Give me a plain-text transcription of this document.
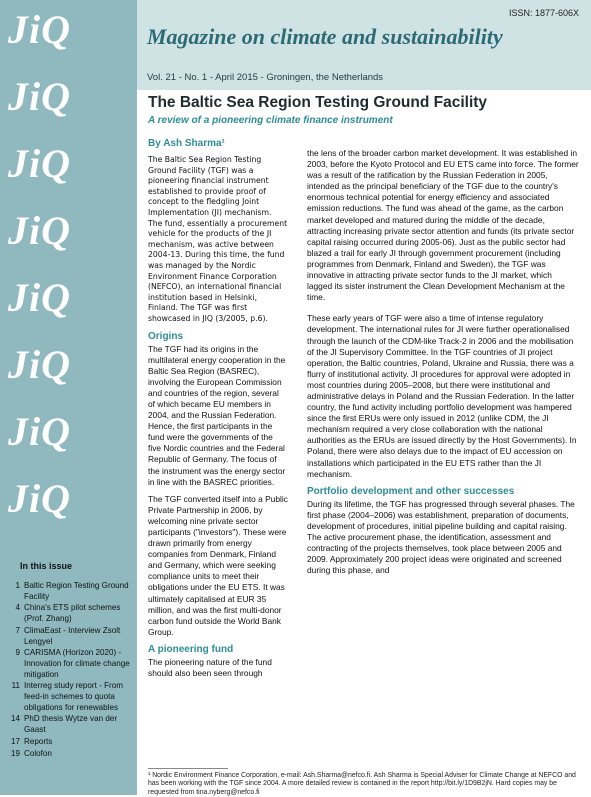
JiQ
JiQ
JiQ
JiQ
JiQ
JiQ
JiQ
JiQ
In this issue
1 Baltic Region Testing Ground Facility
4 China's ETS pilot schemes (Prof. Zhang)
7 ClimaEast - Interview Zsolt Lengyel
9 CARISMA (Horizon 2020) - Innovation for climate change mitigation
11 Interreg study report - From feed-in schemes to quota obligations for renewables
14 PhD thesis Wytze van der Gaast
17 Reports
19 Colofon
ISSN: 1877-606X
Magazine on climate and sustainability
Vol. 21 - No. 1 - April 2015 - Groningen, the Netherlands
The Baltic Sea Region Testing Ground Facility
A review of a pioneering climate finance instrument
By Ash Sharma¹

The Baltic Sea Region Testing Ground Facility (TGF) was a pioneering financial instrument established to provide proof of concept to the fledgling Joint Implementation (JI) mechanism. The fund, essentially a procurement vehicle for the products of the JI mechanism, was active between 2004-13. During this time, the fund was managed by the Nordic Environment Finance Corporation (NEFCO), an international financial institution based in Helsinki, Finland. The TGF was first showcased in JIQ (3/2005, p.6).

Origins

The TGF had its origins in the multilateral energy cooperation in the Baltic Sea Region (BASREC), involving the European Commission and countries of the region, several of which became EU members in 2004, and the Russian Federation. Hence, the first participants in the fund were the governments of the five Nordic countries and the Federal Republic of Germany. The focus of the instrument was the energy sector in line with the BASREC priorities.

The TGF converted itself into a Public Private Partnership in 2006, by welcoming nine private sector participants ("investors"). These were drawn primarily from energy companies from Denmark, Finland and Germany, which were seeking compliance units to meet their obligations under the EU ETS. It was ultimately capitalised at EUR 35 million, and was the first multi-donor carbon fund outside the World Bank Group.

A pioneering fund

The pioneering nature of the fund should also been seen through

the lens of the broader carbon market development. It was established in 2003, before the Kyoto Protocol and EU ETS came into force. The former was a result of the ratification by the Russian Federation in 2005, intended as the principal beneficiary of the TGF due to the country's enormous technical potential for energy efficiency and associated emission reductions. The fund was ahead of the game, as the carbon market developed and matured during the middle of the decade, attracting increasing private sector attention and funds (its private sector capital raising occurred during 2005-06). Just as the public sector had blazed a trail for early JI through government procurement (including programmes from Denmark, Finland and Sweden), the TGF was innovative in attracting private sector funds to the JI market, which lagged its sister instrument the Clean Development Mechanism at the time.

These early years of TGF were also a time of intense regulatory development. The international rules for JI were further operationalised through the launch of the CDM-like Track-2 in 2006 and the mobilisation of the JI Supervisory Committee. In the TGF countries of JI project operation, the Baltic countries, Poland, Ukraine and Russia, there was a flurry of institutional activity. JI procedures for approval were adopted in most countries during 2005–2008, but there were institutional and administrative delays in Poland and the Russian Federation. In the latter country, the fund activity including portfolio development was hampered since the first ERUs were only issued in 2012 (unlike CDM, the JI mechanism required a very close collaboration with the national authorities as the ERUs are issued directly by the Host Governments). In Poland, there were also delays due to the impact of EU accession on installations which participated in the EU ETS rather than the JI mechanism.

Portfolio development and other successes

During its lifetime, the TGF has progressed through several phases. The first phase (2004–2006) was establishment, preparation of documents, development of procedures, initial pipeline building and capital raising. The active procurement phase, the identification, assessment and contracting of the projects themselves, took place between 2005 and 2009. Approximately 200 project ideas were originated and screened during this phase, and

¹ Nordic Environment Finance Corporation, e-mail: Ash.Sharma@nefco.fi. Ash Sharma is Special Adviser for Climate Change at NEFCO and has been working with the TGF since 2004. A more detailed review is contained in the report http://bit.ly/1D9B2jN. Hard copies may be requested from tina.nyberg@nefco.fi
